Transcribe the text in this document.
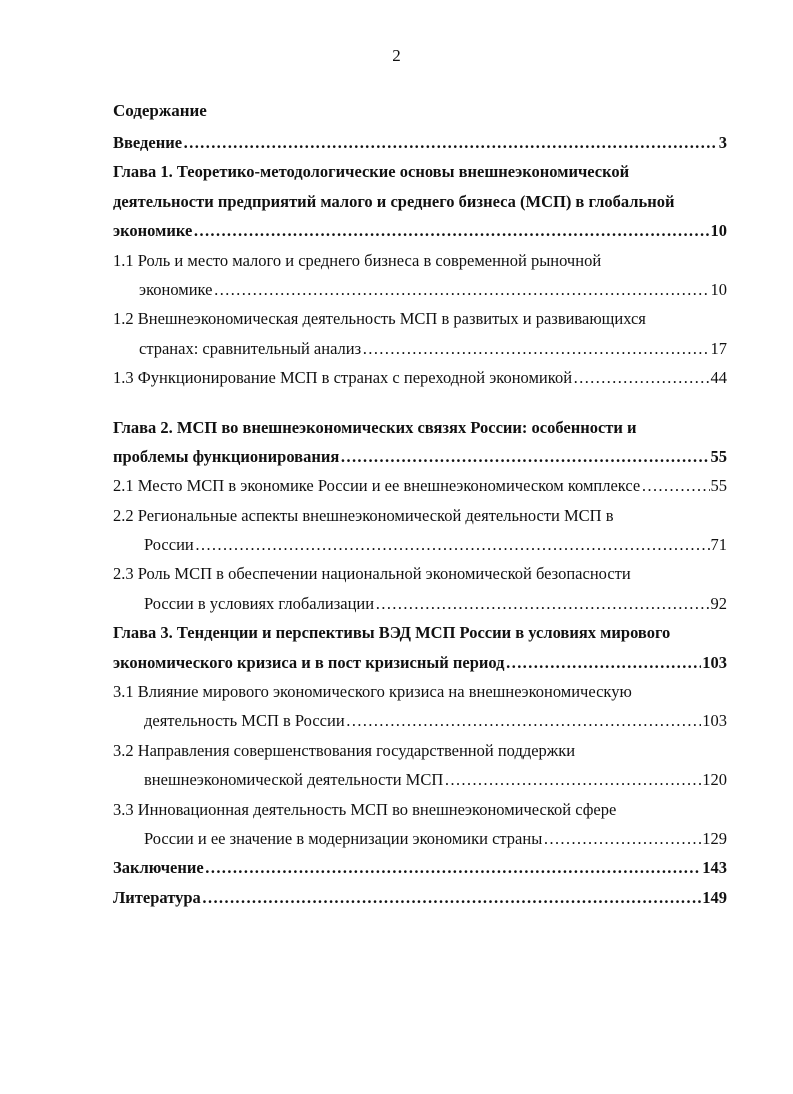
2
Содержание
Введение …………………………………………………………………………………………………………………………………………………………………………………………	3
Глава 1. Теоретико-методологические основы внешнеэкономической
деятельности предприятий малого и среднего бизнеса (МСП) в глобальной
экономике …………………………………………………………………………………………………………………………………………………………………………………………	10
1.1 Роль и место малого и среднего бизнеса в современной рыночной
экономике …………………………………………………………………………………………………………………………………………………………………………………………	10
1.2 Внешнеэкономическая деятельность МСП в развитых и развивающихся
странах: сравнительный анализ …………………………………………………………………………………………………………………………………………………………………………………………	17
1.3 Функционирование МСП в странах с переходной экономикой …………………………………………………………………………………………………………………………………………………………………………………………	44
Глава 2. МСП во внешнеэкономических связях России: особенности и
проблемы функционирования …………………………………………………………………………………………………………………………………………………………………………………………	55
2.1 Место МСП в экономике России и ее внешнеэкономическом комплексе …………………………………………………………………………………………………………………………………………………………………………………………	55
2.2 Региональные аспекты внешнеэкономической деятельности МСП в
России …………………………………………………………………………………………………………………………………………………………………………………………	71
2.3 Роль МСП в обеспечении национальной экономической безопасности
России в условиях глобализации …………………………………………………………………………………………………………………………………………………………………………………………	92
Глава 3. Тенденции и перспективы ВЭД МСП России в условиях мирового
экономического кризиса и в пост кризисный период …………………………………………………………………………………………………………………………………………………………………………………………	103
3.1 Влияние мирового экономического кризиса на внешнеэкономическую
деятельность МСП в России …………………………………………………………………………………………………………………………………………………………………………………………	103
3.2 Направления совершенствования государственной поддержки
внешнеэкономической деятельности МСП …………………………………………………………………………………………………………………………………………………………………………………………	120
3.3 Инновационная деятельность МСП во внешнеэкономической сфере
России и ее значение в модернизации экономики страны …………………………………………………………………………………………………………………………………………………………………………………………	129
Заключение …………………………………………………………………………………………………………………………………………………………………………………………	143
Литература …………………………………………………………………………………………………………………………………………………………………………………………	149
